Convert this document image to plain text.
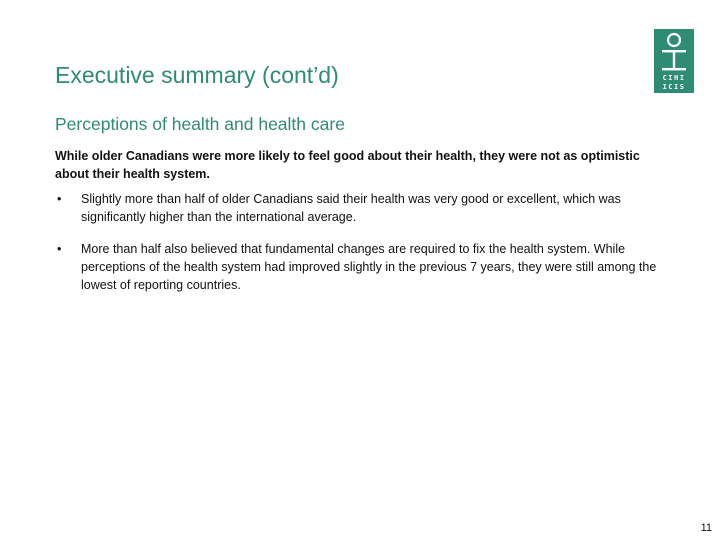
Executive summary (cont’d)	CIHI
ICIS
Perceptions of health and health care

While older Canadians were more likely to feel good about their health, they were not as optimistic about their health system.

• Slightly more than half of older Canadians said their health was very good or excellent, which was significantly higher than the international average.
• More than half also believed that fundamental changes are required to fix the health system. While perceptions of the health system had improved slightly in the previous 7 years, they were still among the lowest of reporting countries.
11
